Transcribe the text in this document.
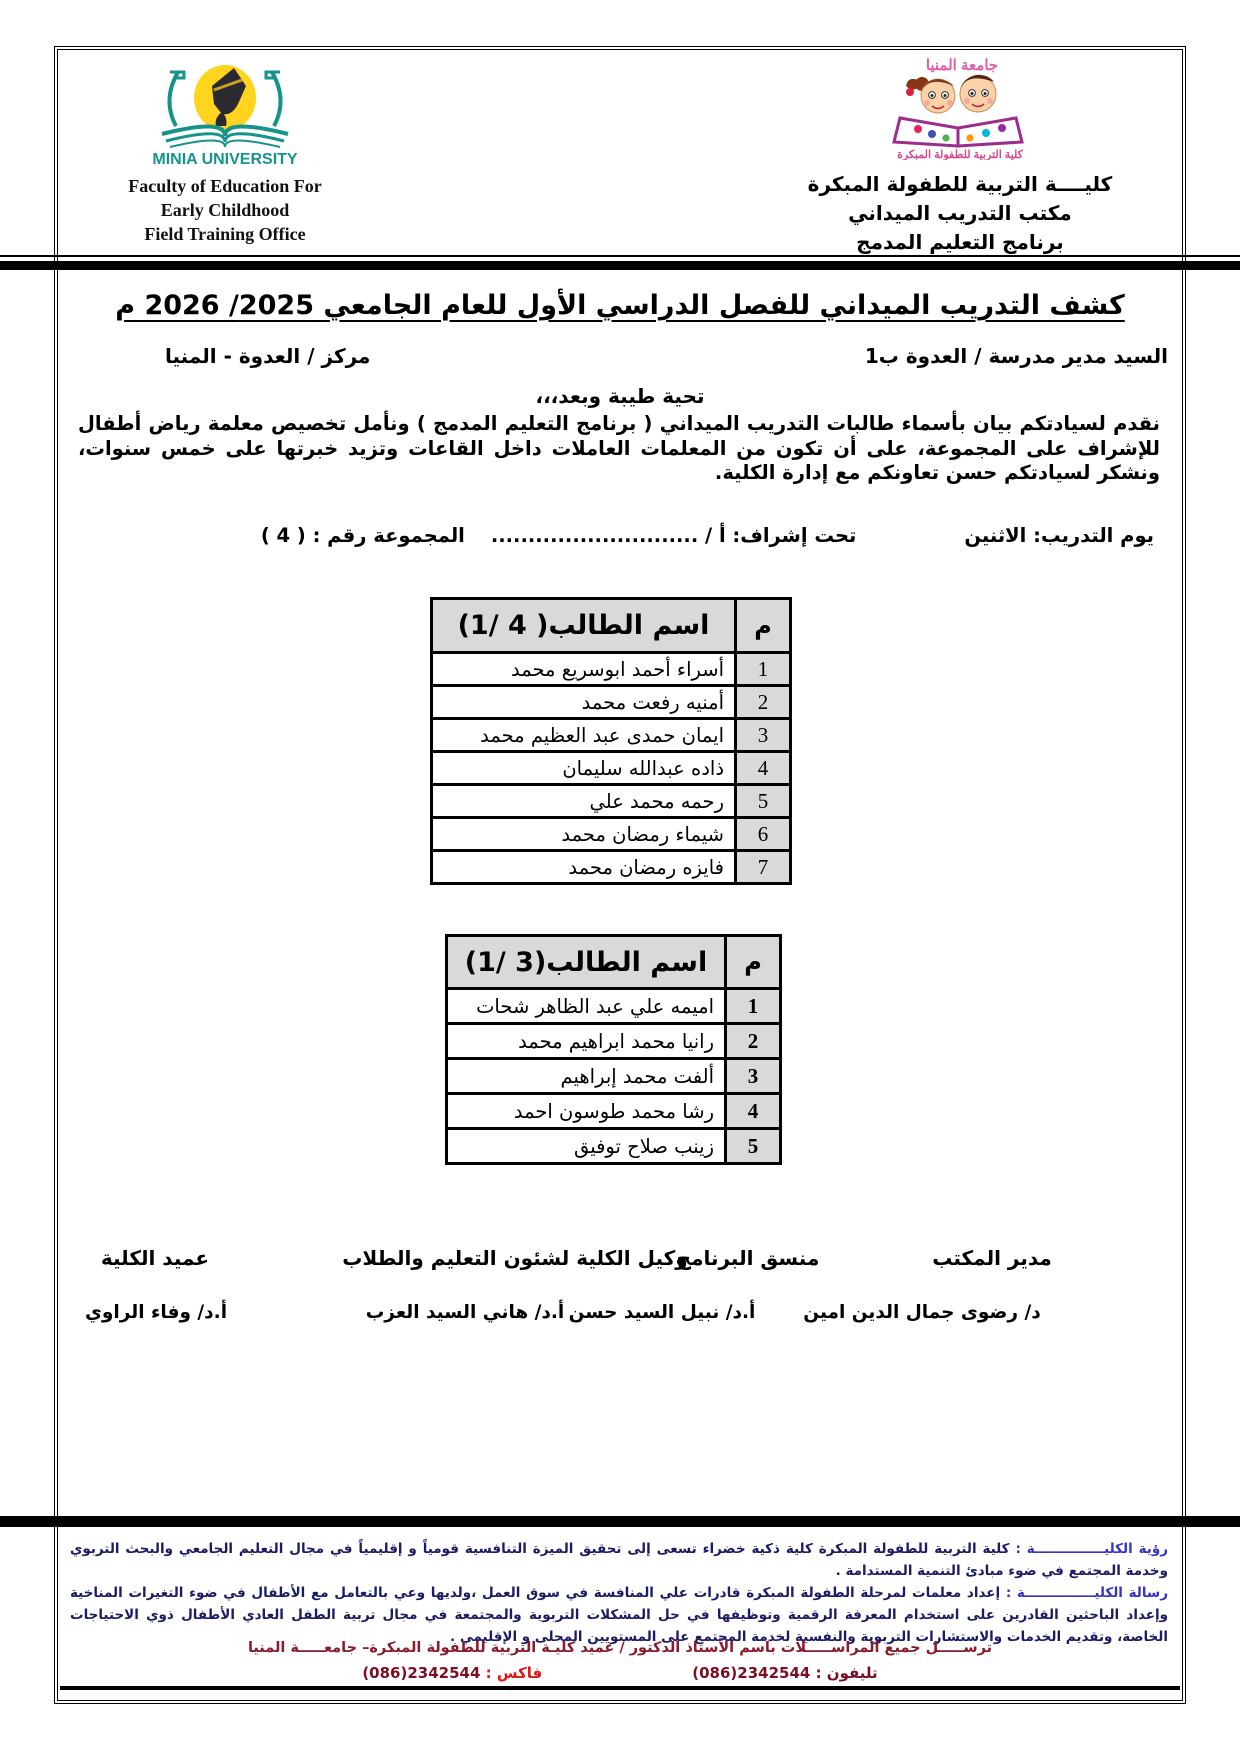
MINIA UNIVERSITY
Faculty of Education For
Early Childhood
Field Training Office
جامعة المنيا
كلية التربية للطفولة المبكرة
كليــــة التربية للطفولة المبكرة
مكتب التدريب الميداني
برنامج التعليم المدمج
كشف التدريب الميداني للفصل الدراسي الأول للعام الجامعي 2025/ 2026 م
السيد مدير مدرسة / العدوة ب1
مركز / العدوة - المنيا
تحية طيبة وبعد،،،
نقدم لسيادتكم بيان بأسماء طالبات التدريب الميداني ( برنامج التعليم المدمج ) ونأمل تخصيص معلمة رياض أطفال للإشراف على المجموعة، على أن تكون من المعلمات العاملات داخل القاعات وتزيد خبرتها على خمس سنوات، ونشكر لسيادتكم حسن تعاونكم مع إدارة الكلية.
يوم التدريب: الاثنين
تحت إشراف: أ / ............................
المجموعة رقم : ( 4 )
م	اسم الطالب( 4 /1)
1	أسراء أحمد ابوسريع محمد
2	أمنيه رفعت محمد
3	ايمان حمدى عبد العظيم محمد
4	ذاده عبدالله سليمان
5	رحمه محمد علي
6	شيماء رمضان محمد
7	فايزه رمضان محمد
م	اسم الطالب(3 /1)
1	اميمه علي عبد الظاهر شحات
2	رانيا محمد ابراهيم محمد
3	ألفت محمد إبراهيم
4	رشا محمد طوسون احمد
5	زينب صلاح توفيق
مدير المكتب
منسق البرنامج
وكيل الكلية لشئون التعليم والطلاب
عميد الكلية
د/ رضوى جمال الدين امين
أ.د/ نبيل السيد حسن
أ.د/ هاني السيد العزب
أ.د/ وفاء الراوي

رؤية الكليـــــــــــــــة : كلية التربية للطفولة المبكرة كلية ذكية خضراء تسعى إلى تحقيق الميزة التنافسية قومياً و إقليمياً في مجال التعليم الجامعي والبحث التربوي وخدمة المجتمع في ضوء مبادئ التنمية المستدامة .

رسالة الكليـــــــــــــــة : إعداد معلمات لمرحلة الطفولة المبكرة قادرات علي المنافسة في سوق العمل ،ولديها وعي بالتعامل مع الأطفال في ضوء التغيرات المناخية وإعداد الباحثين القادرين على استخدام المعرفة الرقمية وتوظيفها في حل المشكلات التربوية والمجتمعة في مجال تربية الطفل العادي الأطفال ذوي الاحتياجات الخاصة، وتقديم الخدمات والاستشارات التربوية والنفسية لخدمة المجتمع على المستويين المحلى و الإقليمي .

ترســـــل جميع المراســـــلات باسم الأستاذ الدكتور / عميد كليـة التربية للطفولة المبكرة– جامعـــــة المنيا
تليفون : (086)2342544
فاكس : (086)2342544
